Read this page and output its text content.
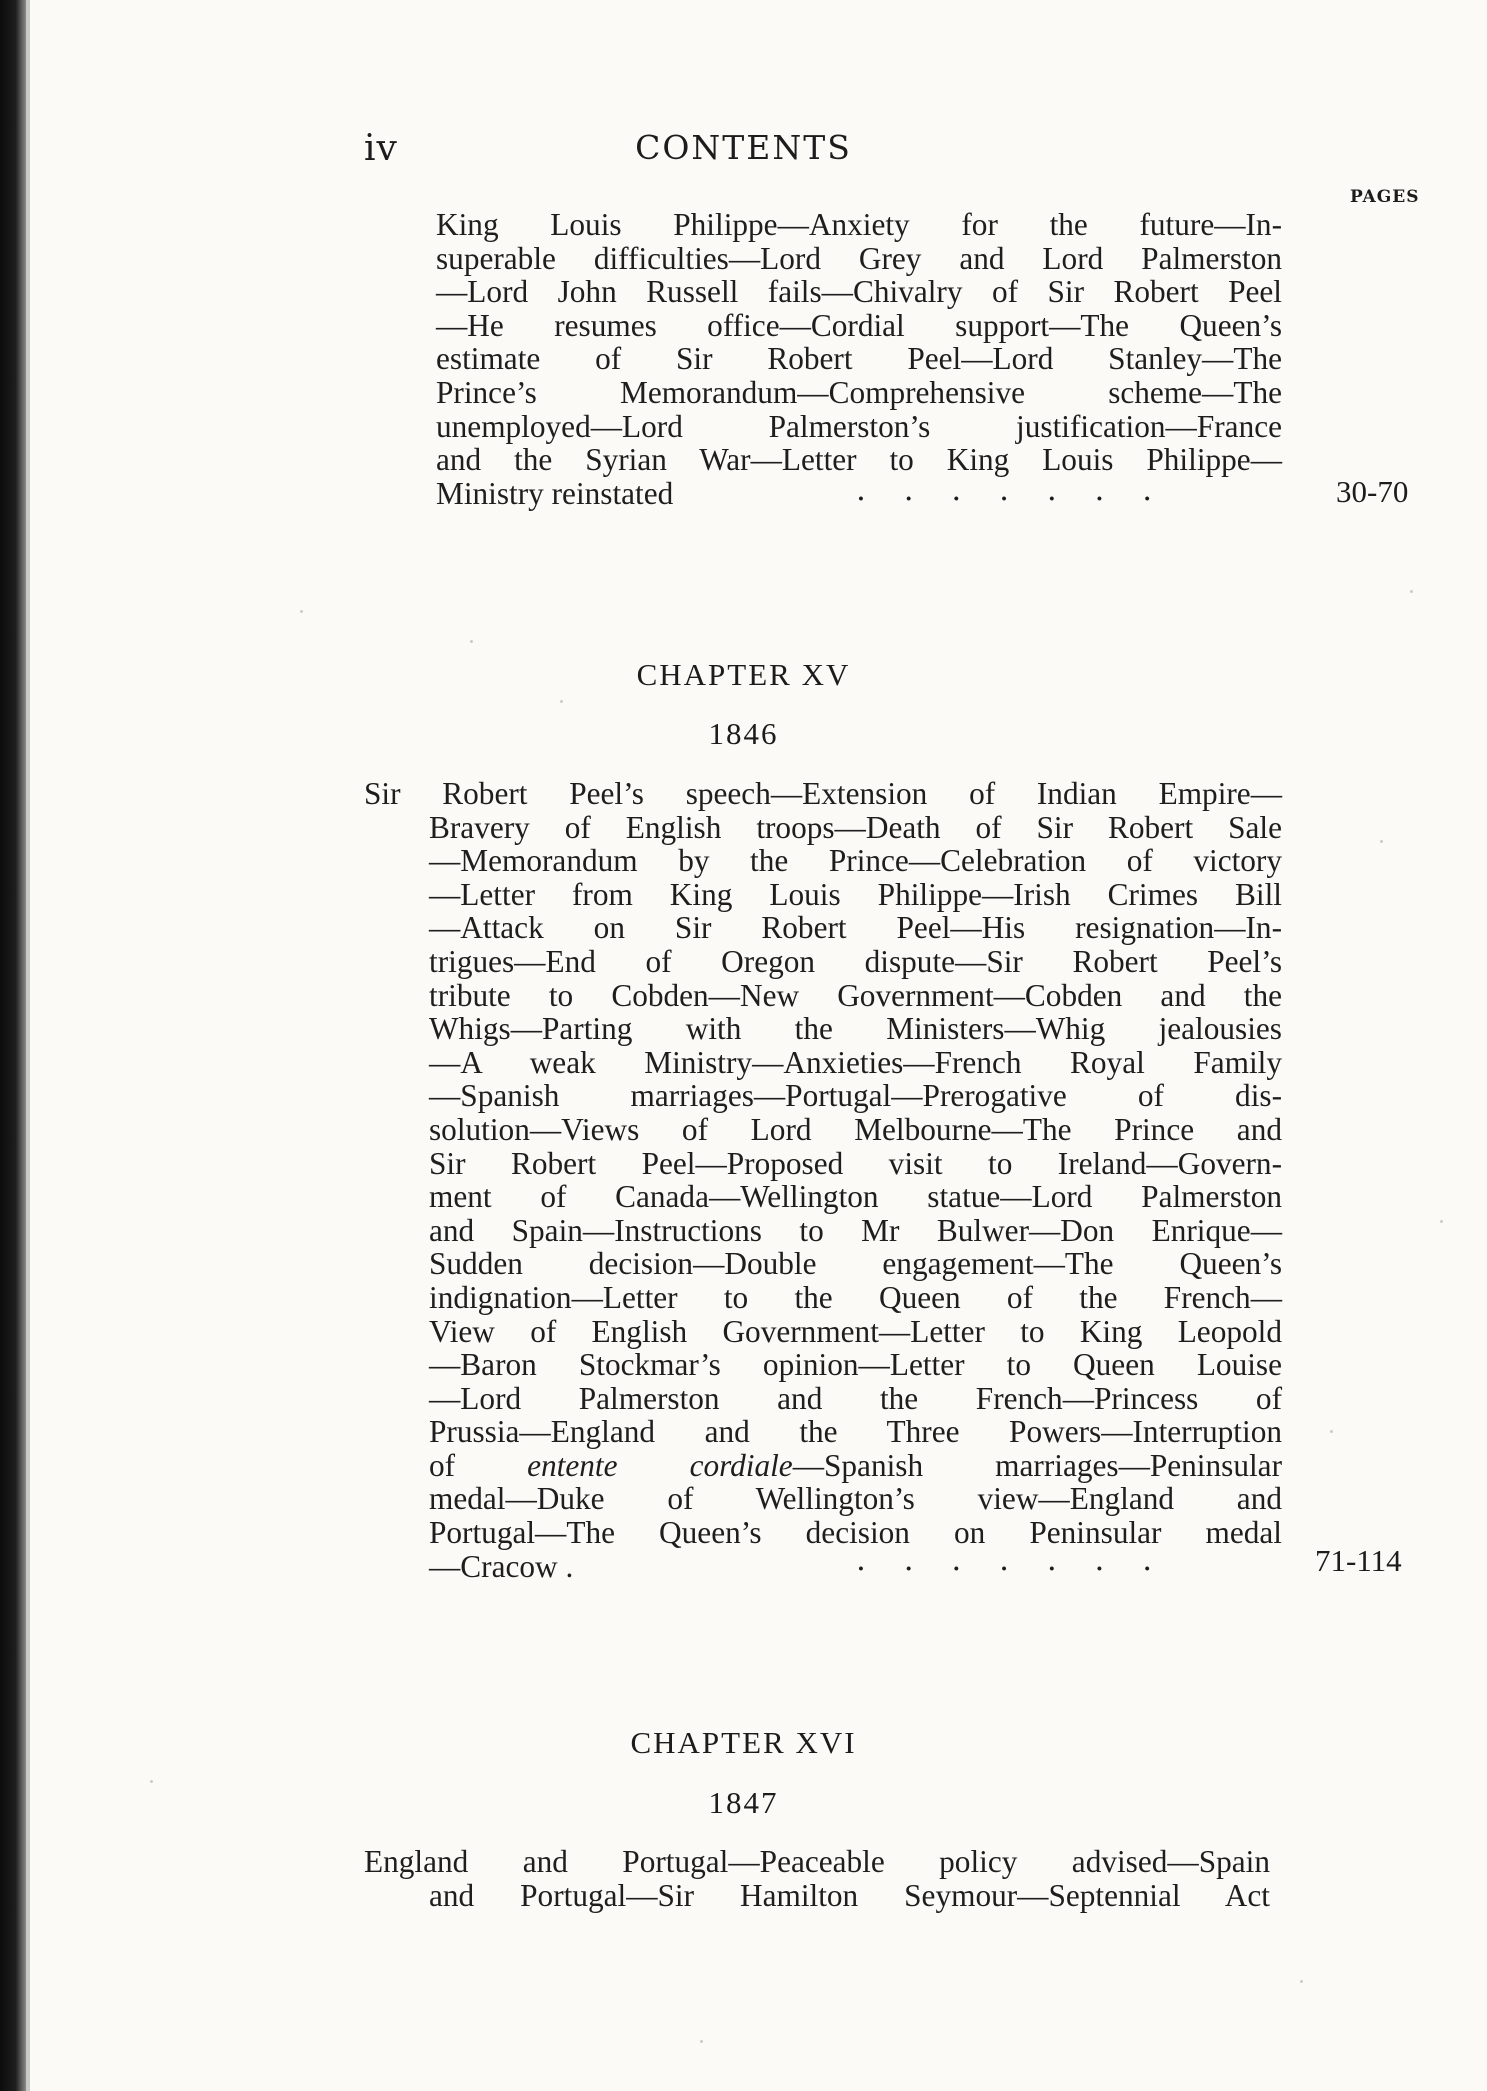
iv	CONTENTS
PAGES
King Louis Philippe—Anxiety for the future—In-
superable difficulties—Lord Grey and Lord Palmerston
—Lord John Russell fails—Chivalry of Sir Robert Peel
—He resumes office—Cordial support—The Queen’s
estimate of Sir Robert Peel—Lord Stanley—The
Prince’s Memorandum—Comprehensive scheme—The
unemployed—Lord Palmerston’s justification—France
and the Syrian War—Letter to King Louis Philippe—
Ministry reinstated	. . . . . . .	30-70
CHAPTER XV
1846
Sir Robert Peel’s speech—Extension of Indian Empire—
Bravery of English troops—Death of Sir Robert Sale
—Memorandum by the Prince—Celebration of victory
—Letter from King Louis Philippe—Irish Crimes Bill
—Attack on Sir Robert Peel—His resignation—In-
trigues—End of Oregon dispute—Sir Robert Peel’s
tribute to Cobden—New Government—Cobden and the
Whigs—Parting with the Ministers—Whig jealousies
—A weak Ministry—Anxieties—French Royal Family
—Spanish marriages—Portugal—Prerogative of dis-
solution—Views of Lord Melbourne—The Prince and
Sir Robert Peel—Proposed visit to Ireland—Govern-
ment of Canada—Wellington statue—Lord Palmerston
and Spain—Instructions to Mr Bulwer—Don Enrique—
Sudden decision—Double engagement—The Queen’s
indignation—Letter to the Queen of the French—
View of English Government—Letter to King Leopold
—Baron Stockmar’s opinion—Letter to Queen Louise
—Lord Palmerston and the French—Princess of
Prussia—England and the Three Powers—Interruption
of entente cordiale—Spanish marriages—Peninsular
medal—Duke of Wellington’s view—England and
Portugal—The Queen’s decision on Peninsular medal
—Cracow .	. . . . . . .	71-114
CHAPTER XVI
1847
England and Portugal—Peaceable policy advised—Spain
and Portugal—Sir Hamilton Seymour—Septennial Act
